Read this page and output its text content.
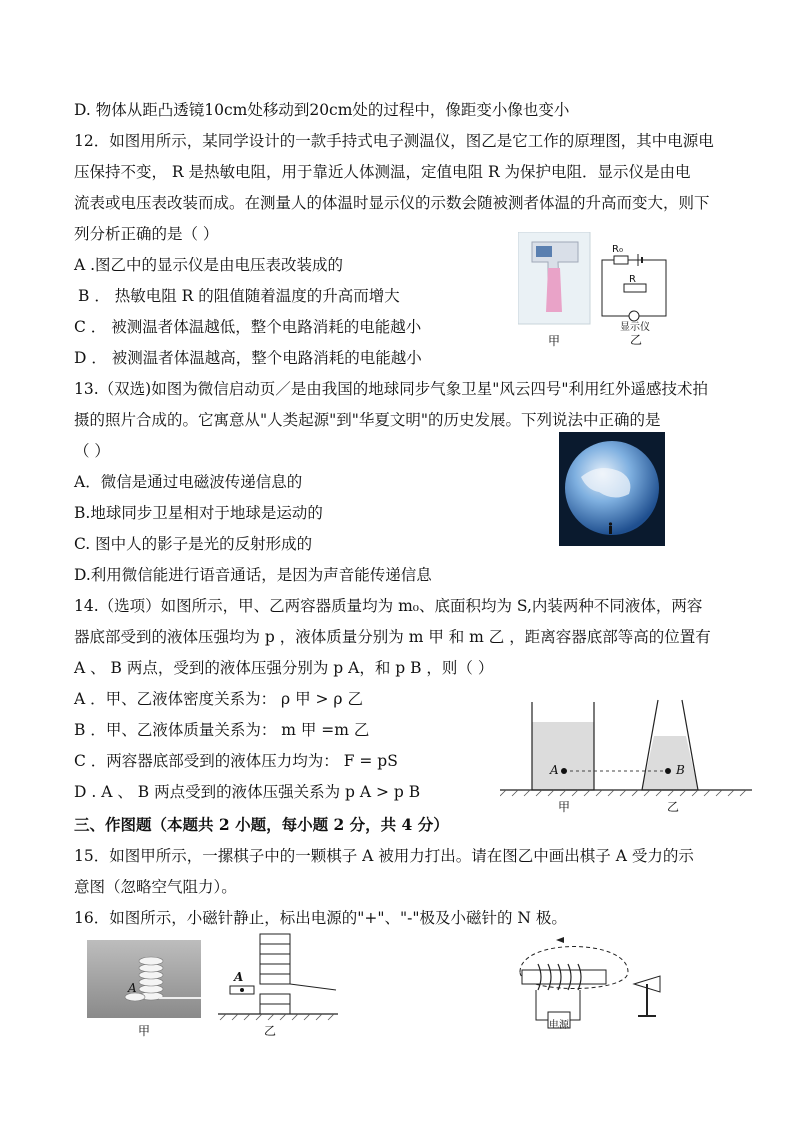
D. 物体从距凸透镜10cm处移动到20cm处的过程中，像距变小像也变小
12．如图用所示，某同学设计的一款手持式电子测温仪，图乙是它工作的原理图，其中电源电
压保持不变， R 是热敏电阻，用于靠近人体测温，定值电阻 R 为保护电阻．显示仪是由电
流表或电压表改装而成。在测量人的体温时显示仪的示数会随被测者体温的升高而变大，则下
列分析正确的是（ ）
A .图乙中的显示仪是由电压表改装成的
B ． 热敏电阻 R 的阻值随着温度的升高而增大
C ． 被测温者体温越低，整个电路消耗的电能越小
D ． 被测温者体温越高，整个电路消耗的电能越小
R₀
R
显示仪
甲	乙
13.（双选)如图为微信启动页／是由我国的地球同步气象卫星"风云四号"利用红外遥感技术拍
摄的照片合成的。它寓意从"人类起源"到"华夏文明"的历史发展。下列说法中正确的是
（ ）
A．微信是通过电磁波传递信息的
B.地球同步卫星相对于地球是运动的
C. 图中人的影子是光的反射形成的
D.利用微信能进行语音通话，是因为声音能传递信息
14.（选项）如图所示，甲、乙两容器质量均为 m₀、底面积均为 S,内装两种不同液体，两容
器底部受到的液体压强均为 p ，液体质量分别为 m 甲 和 m 乙 ，距离容器底部等高的位置有
A 、 B 两点，受到的液体压强分别为 p A，和 p B ，则（ ）
A ．甲、乙液体密度关系为： ρ 甲 > ρ 乙
B ．甲、乙液体质量关系为： m 甲 =m 乙
C ．两容器底部受到的液体压力均为： F = pS
D . A 、 B 两点受到的液体压强关系为 p A > p B
A	B
甲	乙
三、作图题（本题共 2 小题，每小题 2 分，共 4 分）
15．如图甲所示，一摞棋子中的一颗棋子 A 被用力打出。请在图乙中画出棋子 A 受力的示
意图（忽略空气阻力）。
16．如图所示，小磁针静止，标出电源的"+"、"-"极及小磁针的 N 极。
A
甲
A
乙	电源
